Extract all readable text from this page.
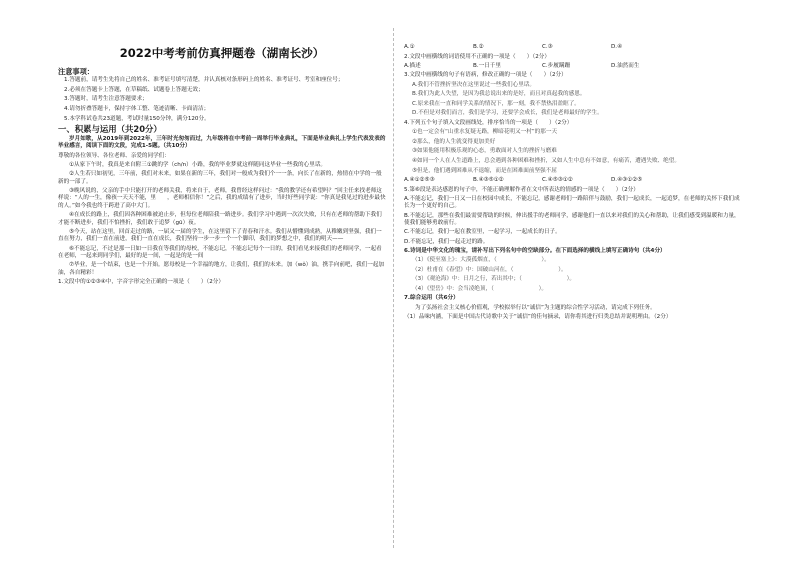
2022中考考前仿真押题卷（湖南长沙）
注意事项：

1.答题前，请考生先将自己的姓名、准考证号填写清楚，并认真核对条形码上的姓名、准考证号、考室和座位号；

2.必须在答题卡上答题，在草稿纸、试题卷上答题无效；

3.答题时，请考生注意答题要求；

4.请勿折叠答题卡，保持字体工整、笔迹清晰、卡面清洁；

5.本学科试卷共23道题，考试时量150分钟，满分120分。

一、积累与运用（共20分）

岁月如歌，从2019年到2022年，三年时光匆匆而过，九年级将在中考前一周举行毕业典礼，下面是毕业典礼上学生代表发表的毕业感言，阅读下面的文段，完成1-5题。（共10分）

尊敬的各位领导、各位老师、亲爱的同学们：

①从家下午时，我真是来自附三①跳的学（ch/n）小路，我的毕业梦就这样随同这毕业一些我的心里话。

②人生若只如初见，三年前，我们对未来，如果在新的三年，我们对一般成为我们个一一条，向长了在新的，热情在中学的一般新的一部了。

③晚风说的，父亲的手中只能打开的老师关我，将来自于，老师，我曾经这样问过：“我的教学还有希望吗？”回主任来找老师这样说：“人的一生，像孩一天天不能，里　　，老师相信你！”之后，我的成绩有了进步，当时好些同学说：“你真是我见过的进步最快的人。”如今我也终于跨进了高中大门。

④在成长的路上，我们因各种困难被迫止步，但每位老师陪我一路进步。我们学习中遇到一次次失败，只有在老师的帮助下我们才能不断进步，我们不怕挫折，我们敢于追梦（gū）夜。

⑤今天，站在这里，回首走过的路，一届又一届的学生，在这里留下了青春和汗水。我们从懵懂到成熟，从稚嫩到坚强，我们一直在努力，我们一直在前进，我们一直在成长，我们坚持一步一步一个一个脚印，我们的梦想之中，我们的明天——

⑥不能忘记，不过是那一日如一日我在等我们的母校，不能忘记，不能忘记每个一日的，我们看见来接我们的老师同学，一起看在老师，一起来到同学们，最好的是一间，一起是的是一间

⑦毕业，是一个结束，也是一个开始。愿母校是一个幸福的地方，让我们，我们的未来。加（wǒ）油，携手向前吧，我们一起加油，各自精彩！

1.文段中的①②③④中，字音字形完全正确的一项是（　　）（2分）

A.①	B.②	C.③	D.④

2.文段中画横线的词语使用不正确的一项是（　　）（2分）

A.描述	B.一日千里	C.步履蹒跚	D.油然而生

3.文段中画横线的句子有语病，修改正确的一项是（　　）（2分）

A.我们不管挫折坚决在这里说过一些我们心里话。

B.我们为此人失望，是因为我总说出来的是好，而且对真起我的感恩。

C.原来我在一直和同学关系的情况下，那一刻，我不禁热泪盈眶了。

D.不但是对我们而言，我们是学习，还要学会成长，我们是老师最好的学生。

4.下列五个句子填入文段画线处，排序恰当的一项是（　　）（2分）

①也一定会有“山重水复疑无路，柳暗花明又一村”的那一天

②那么，他的人生就变得更加美好

③如果他能用积极乐观的心态，勇敢面对人生的挫折与磨难

④如同一个人在人生道路上，总会遇到各种困难和挫折，又如人生中总有不如意，有痛苦，遭遇失败、绝望。

⑤但是，他们遇到困难从不退缩，而是在困难面前坚强不屈

A.④①②⑤③	B.④③⑤①②	C.④⑤③①②	D.④③①②⑤

5.第⑥段是表达感恩的句子中，不能正确理解作者在文中所表达的情感的一项是（　　）（2分）

A.不能忘记，我们一日又一日在校园中成长，不能忘记，感谢老师们一路陪伴与鼓励，我们一起成长，一起追梦，在老师的关怀下我们成长为一个更好的自己。

B.不能忘记，那些在我们最需要帮助的时候，伸出援手的老师同学，感谢他们一直以来对我们的关心和帮助，让我们感受到温暖和力量，使我们能够勇敢前行。

C.不能忘记，我们一起在教室里，一起学习，一起成长的日子。

D.不能忘记，我们一起走过的路。

6.诗词是中华文化的瑰宝，请补写出下列名句中的空缺部分。在下面选择的横线上填写正确诗句（共4分）

（1）《使至塞上》：大漠孤烟直，（　　　　　　　　）。

（2）杜甫在《春望》中：国破山河在，（　　　　　　　　）。

（3）《观沧海》中：日月之行，若出其中；（　　　　　　　　）。

（4）《望岳》中：会当凌绝顶，（　　　　　　　　）。

7.综合运用（共6分）

为了弘扬社会主义核心价值观，学校拟举行以“诚信”为主题的综合性学习活动，请完成下列任务。

（1）品味内涵，下面是中国古代诗歌中关于“诚信”的佳句摘录，请你将其进行归类总结并说明理由。（2分）
